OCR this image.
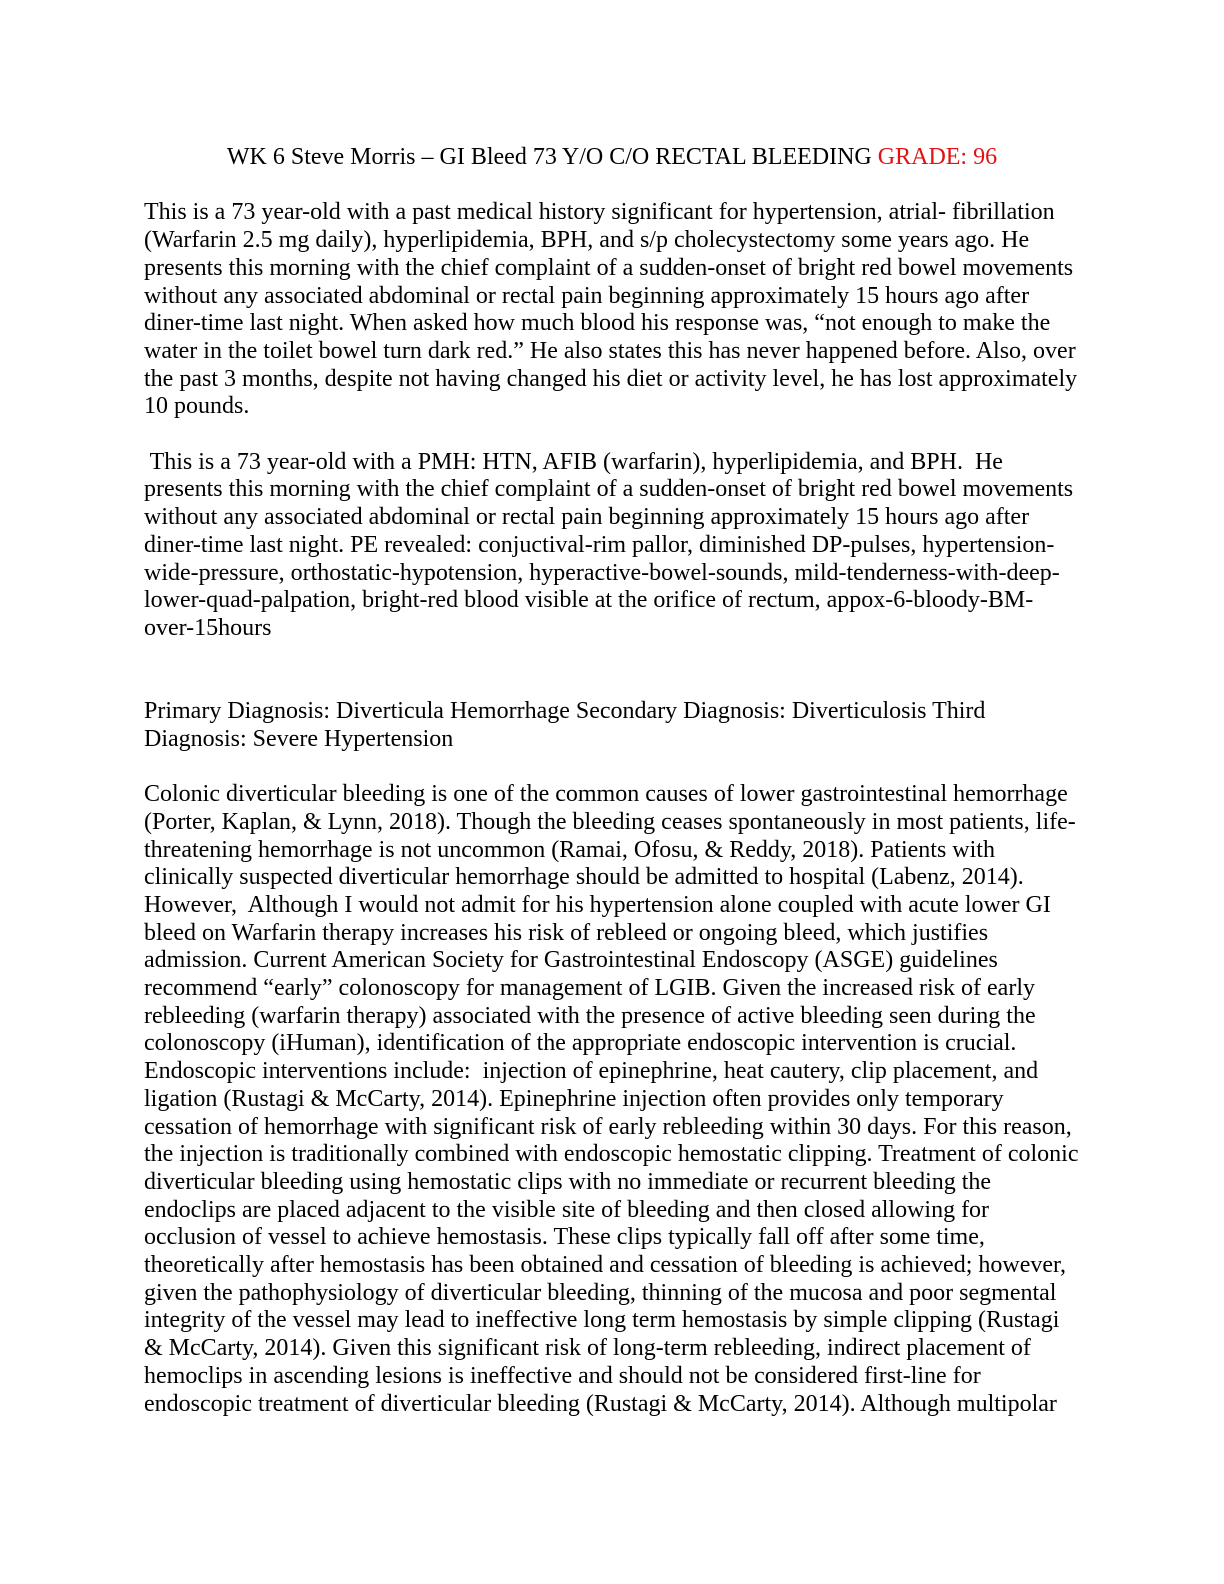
WK 6 Steve Morris – GI Bleed 73 Y/O C/O RECTAL BLEEDING GRADE: 96
This is a 73 year-old with a past medical history significant for hypertension, atrial- fibrillation
(Warfarin 2.5 mg daily), hyperlipidemia, BPH, and s/p cholecystectomy some years ago. He
presents this morning with the chief complaint of a sudden-onset of bright red bowel movements
without any associated abdominal or rectal pain beginning approximately 15 hours ago after
diner-time last night. When asked how much blood his response was, “not enough to make the
water in the toilet bowel turn dark red.” He also states this has never happened before. Also, over
the past 3 months, despite not having changed his diet or activity level, he has lost approximately
10 pounds.
This is a 73 year-old with a PMH: HTN, AFIB (warfarin), hyperlipidemia, and BPH.  He
presents this morning with the chief complaint of a sudden-onset of bright red bowel movements
without any associated abdominal or rectal pain beginning approximately 15 hours ago after
diner-time last night. PE revealed: conjuctival-rim pallor, diminished DP-pulses, hypertension-
wide-pressure, orthostatic-hypotension, hyperactive-bowel-sounds, mild-tenderness-with-deep-
lower-quad-palpation, bright-red blood visible at the orifice of rectum, appox-6-bloody-BM-
over-15hours
Primary Diagnosis: Diverticula Hemorrhage Secondary Diagnosis: Diverticulosis Third
Diagnosis: Severe Hypertension
Colonic diverticular bleeding is one of the common causes of lower gastrointestinal hemorrhage
(Porter, Kaplan, & Lynn, 2018). Though the bleeding ceases spontaneously in most patients, life-
threatening hemorrhage is not uncommon (Ramai, Ofosu, & Reddy, 2018). Patients with
clinically suspected diverticular hemorrhage should be admitted to hospital (Labenz, 2014).
However,  Although I would not admit for his hypertension alone coupled with acute lower GI
bleed on Warfarin therapy increases his risk of rebleed or ongoing bleed, which justifies
admission. Current American Society for Gastrointestinal Endoscopy (ASGE) guidelines
recommend “early” colonoscopy for management of LGIB. Given the increased risk of early
rebleeding (warfarin therapy) associated with the presence of active bleeding seen during the
colonoscopy (iHuman), identification of the appropriate endoscopic intervention is crucial.
Endoscopic interventions include:  injection of epinephrine, heat cautery, clip placement, and
ligation (Rustagi & McCarty, 2014). Epinephrine injection often provides only temporary
cessation of hemorrhage with significant risk of early rebleeding within 30 days. For this reason,
the injection is traditionally combined with endoscopic hemostatic clipping. Treatment of colonic
diverticular bleeding using hemostatic clips with no immediate or recurrent bleeding the
endoclips are placed adjacent to the visible site of bleeding and then closed allowing for
occlusion of vessel to achieve hemostasis. These clips typically fall off after some time,
theoretically after hemostasis has been obtained and cessation of bleeding is achieved; however,
given the pathophysiology of diverticular bleeding, thinning of the mucosa and poor segmental
integrity of the vessel may lead to ineffective long term hemostasis by simple clipping (Rustagi
& McCarty, 2014). Given this significant risk of long-term rebleeding, indirect placement of
hemoclips in ascending lesions is ineffective and should not be considered first-line for
endoscopic treatment of diverticular bleeding (Rustagi & McCarty, 2014). Although multipolar
